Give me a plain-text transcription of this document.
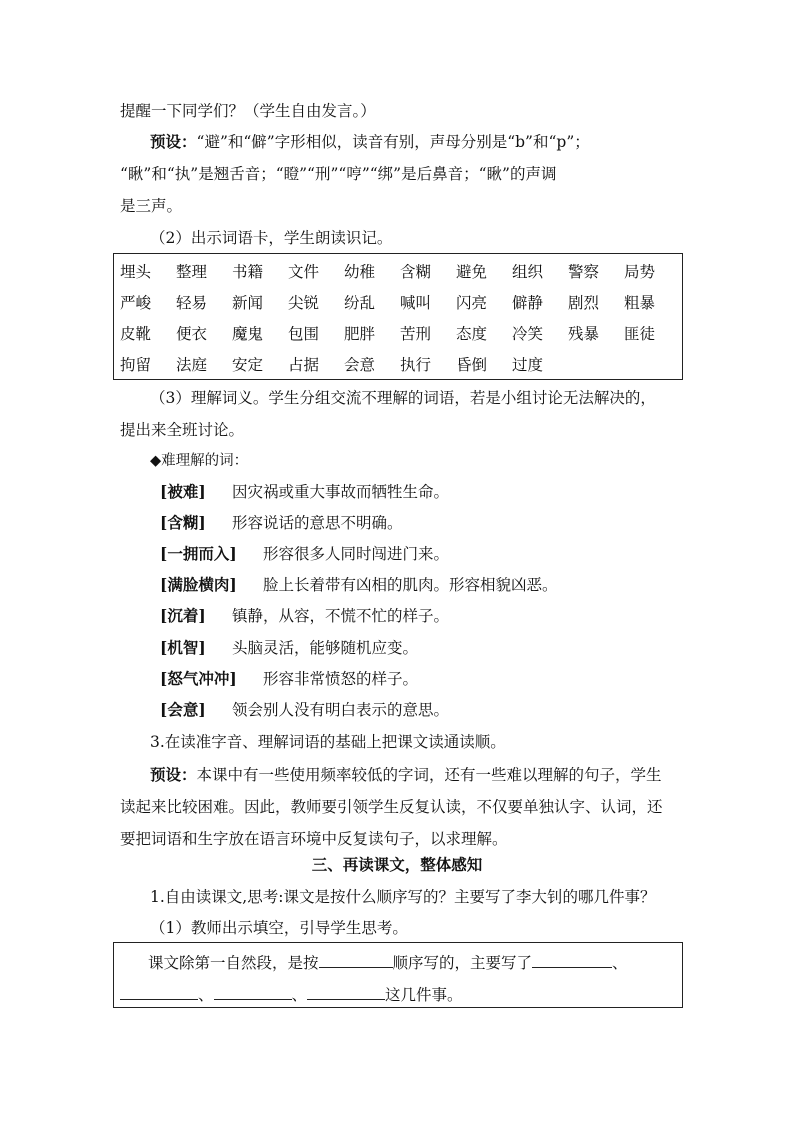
提醒一下同学们？（学生自由发言。）
预设：“避”和“僻”字形相似，读音有别，声母分别是“b”和“p”；
“瞅”和“执”是翘舌音；“瞪”“刑”“哼”“绑”是后鼻音；“瞅”的声调
是三声。
（2）出示词语卡，学生朗读识记。
埋头 整理 书籍 文件 幼稚 含糊 避免 组织 警察 局势
严峻 轻易 新闻 尖锐 纷乱 喊叫 闪亮 僻静 剧烈 粗暴
皮靴 便衣 魔鬼 包围 肥胖 苦刑 态度 冷笑 残暴 匪徒
拘留 法庭 安定 占据 会意 执行 昏倒 过度
（3）理解词义。学生分组交流不理解的词语，若是小组讨论无法解决的，
提出来全班讨论。
◆难理解的词：
[被难] 因灾祸或重大事故而牺牲生命。
[含糊] 形容说话的意思不明确。
[一拥而入] 形容很多人同时闯进门来。
[满脸横肉] 脸上长着带有凶相的肌肉。形容相貌凶恶。
[沉着] 镇静，从容，不慌不忙的样子。
[机智] 头脑灵活，能够随机应变。
[怒气冲冲] 形容非常愤怒的样子。
[会意] 领会别人没有明白表示的意思。
3.在读准字音、理解词语的基础上把课文读通读顺。
预设：本课中有一些使用频率较低的字词，还有一些难以理解的句子，学生
读起来比较困难。因此，教师要引领学生反复认读，不仅要单独认字、认词，还
要把词语和生字放在语言环境中反复读句子，以求理解。
三、再读课文，整体感知
1.自由读课文,思考:课文是按什么顺序写的？主要写了李大钊的哪几件事？
（1）教师出示填空，引导学生思考。
课文除第一自然段，是按	顺序写的，主要写了	、
、	、	这几件事。
